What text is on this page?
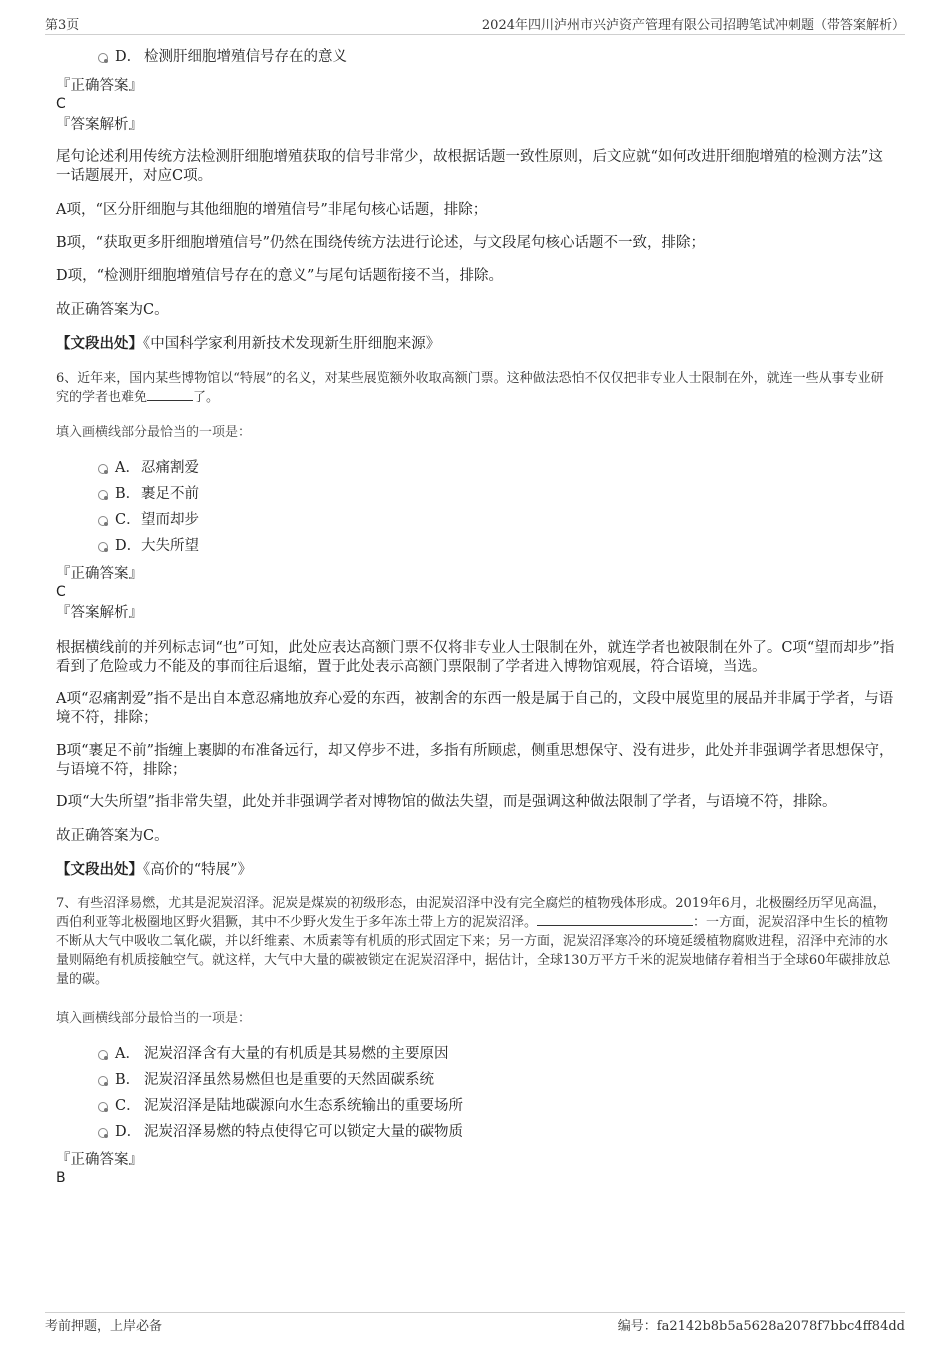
第3页	2024年四川泸州市兴泸资产管理有限公司招聘笔试冲刺题（带答案解析）
D． 检测肝细胞增殖信号存在的意义
『正确答案』
C
『答案解析』

尾句论述利用传统方法检测肝细胞增殖获取的信号非常少，故根据话题一致性原则，后文应就“如何改进肝细胞增殖的检测方法”这一话题展开，对应C项。

A项，“区分肝细胞与其他细胞的增殖信号”非尾句核心话题，排除；

B项，“获取更多肝细胞增殖信号”仍然在围绕传统方法进行论述，与文段尾句核心话题不一致，排除；

D项，“检测肝细胞增殖信号存在的意义”与尾句话题衔接不当，排除。

故正确答案为C。

【文段出处】《中国科学家利用新技术发现新生肝细胞来源》
6、近年来，国内某些博物馆以“特展”的名义，对某些展览额外收取高额门票。这种做法恐怕不仅仅把非专业人士限制在外，就连一些从事专业研究的学者也难免	了。
填入画横线部分最恰当的一项是：
A． 忍痛割爱
B． 裹足不前
C． 望而却步
D． 大失所望
『正确答案』
C
『答案解析』

根据横线前的并列标志词“也”可知，此处应表达高额门票不仅将非专业人士限制在外，就连学者也被限制在外了。C项“望而却步”指看到了危险或力不能及的事而往后退缩，置于此处表示高额门票限制了学者进入博物馆观展，符合语境，当选。

A项“忍痛割爱”指不是出自本意忍痛地放弃心爱的东西，被割舍的东西一般是属于自己的，文段中展览里的展品并非属于学者，与语境不符，排除；

B项“裹足不前”指缠上裹脚的布准备远行，却又停步不进，多指有所顾虑，侧重思想保守、没有进步，此处并非强调学者思想保守，与语境不符，排除；

D项“大失所望”指非常失望，此处并非强调学者对博物馆的做法失望，而是强调这种做法限制了学者，与语境不符，排除。

故正确答案为C。

【文段出处】《高价的“特展”》
7、有些沼泽易燃，尤其是泥炭沼泽。泥炭是煤炭的初级形态，由泥炭沼泽中没有完全腐烂的植物残体形成。2019年6月，北极圈经历罕见高温，西伯利亚等北极圈地区野火猖獗，其中不少野火发生于多年冻土带上方的泥炭沼泽。	：一方面，泥炭沼泽中生长的植物不断从大气中吸收二氧化碳，并以纤维素、木质素等有机质的形式固定下来；另一方面，泥炭沼泽寒冷的环境延缓植物腐败进程，沼泽中充沛的水量则隔绝有机质接触空气。就这样，大气中大量的碳被锁定在泥炭沼泽中，据估计，全球130万平方千米的泥炭地储存着相当于全球60年碳排放总量的碳。
填入画横线部分最恰当的一项是：
A． 泥炭沼泽含有大量的有机质是其易燃的主要原因
B． 泥炭沼泽虽然易燃但也是重要的天然固碳系统
C． 泥炭沼泽是陆地碳源向水生态系统输出的重要场所
D． 泥炭沼泽易燃的特点使得它可以锁定大量的碳物质
『正确答案』
B
考前押题，上岸必备	编号：fa2142b8b5a5628a2078f7bbc4ff84dd
